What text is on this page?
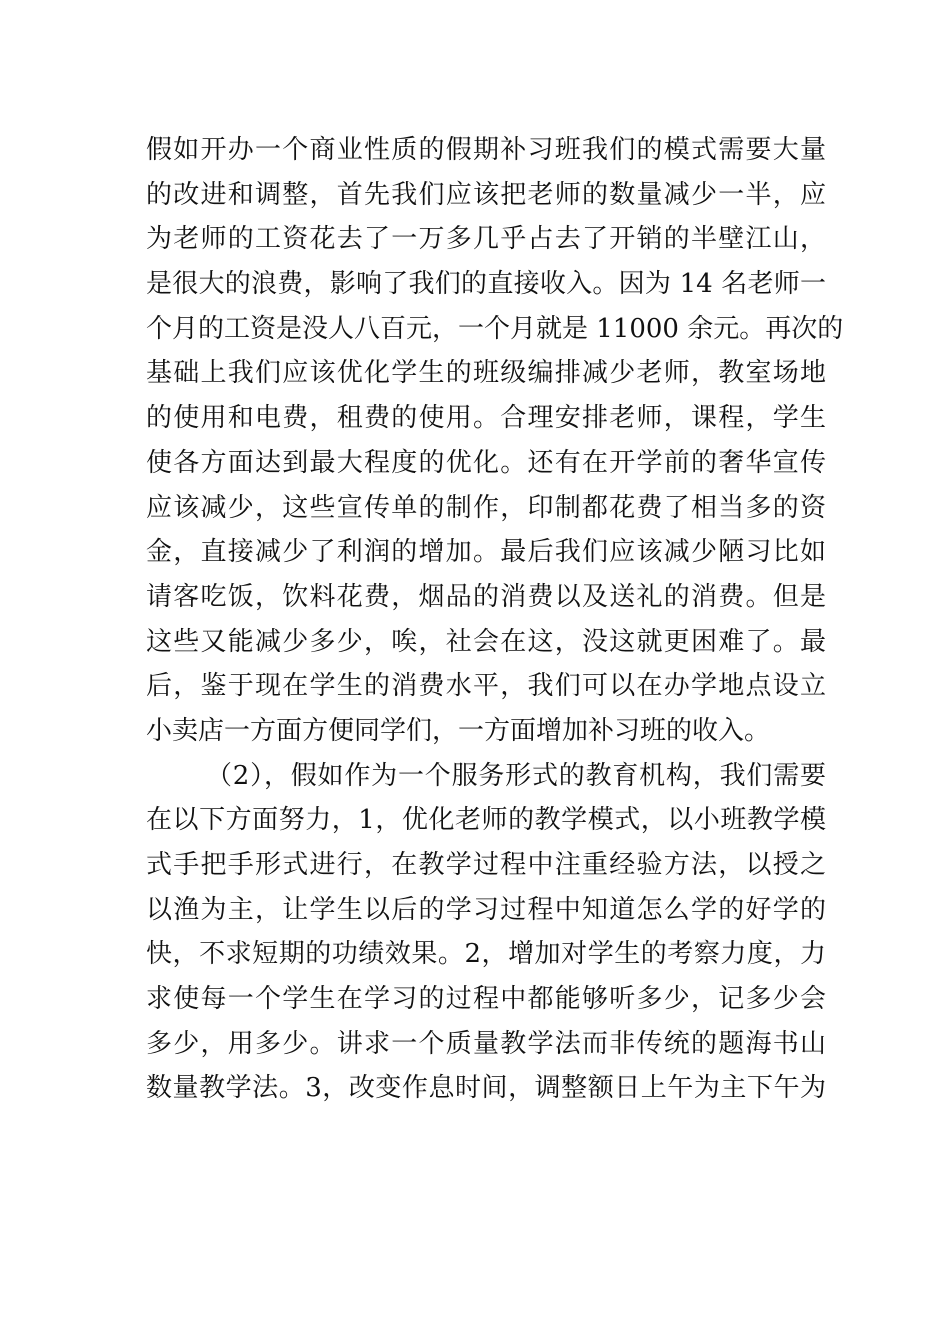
假如开办一个商业性质的假期补习班我们的模式需要大量
的改进和调整，首先我们应该把老师的数量减少一半，应
为老师的工资花去了一万多几乎占去了开销的半壁江山，
是很大的浪费，影响了我们的直接收入。因为 14 名老师一
个月的工资是没人八百元，一个月就是 11000 余元。再次的
基础上我们应该优化学生的班级编排减少老师，教室场地
的使用和电费，租费的使用。合理安排老师，课程，学生
使各方面达到最大程度的优化。还有在开学前的奢华宣传
应该减少，这些宣传单的制作，印制都花费了相当多的资
金，直接减少了利润的增加。最后我们应该减少陋习比如
请客吃饭，饮料花费，烟品的消费以及送礼的消费。但是
这些又能减少多少，唉，社会在这，没这就更困难了。最
后，鉴于现在学生的消费水平，我们可以在办学地点设立
小卖店一方面方便同学们，一方面增加补习班的收入。
（2），假如作为一个服务形式的教育机构，我们需要
在以下方面努力，1，优化老师的教学模式，以小班教学模
式手把手形式进行，在教学过程中注重经验方法，以授之
以渔为主，让学生以后的学习过程中知道怎么学的好学的
快，不求短期的功绩效果。2，增加对学生的考察力度，力
求使每一个学生在学习的过程中都能够听多少，记多少会
多少，用多少。讲求一个质量教学法而非传统的题海书山
数量教学法。3，改变作息时间，调整额日上午为主下午为
